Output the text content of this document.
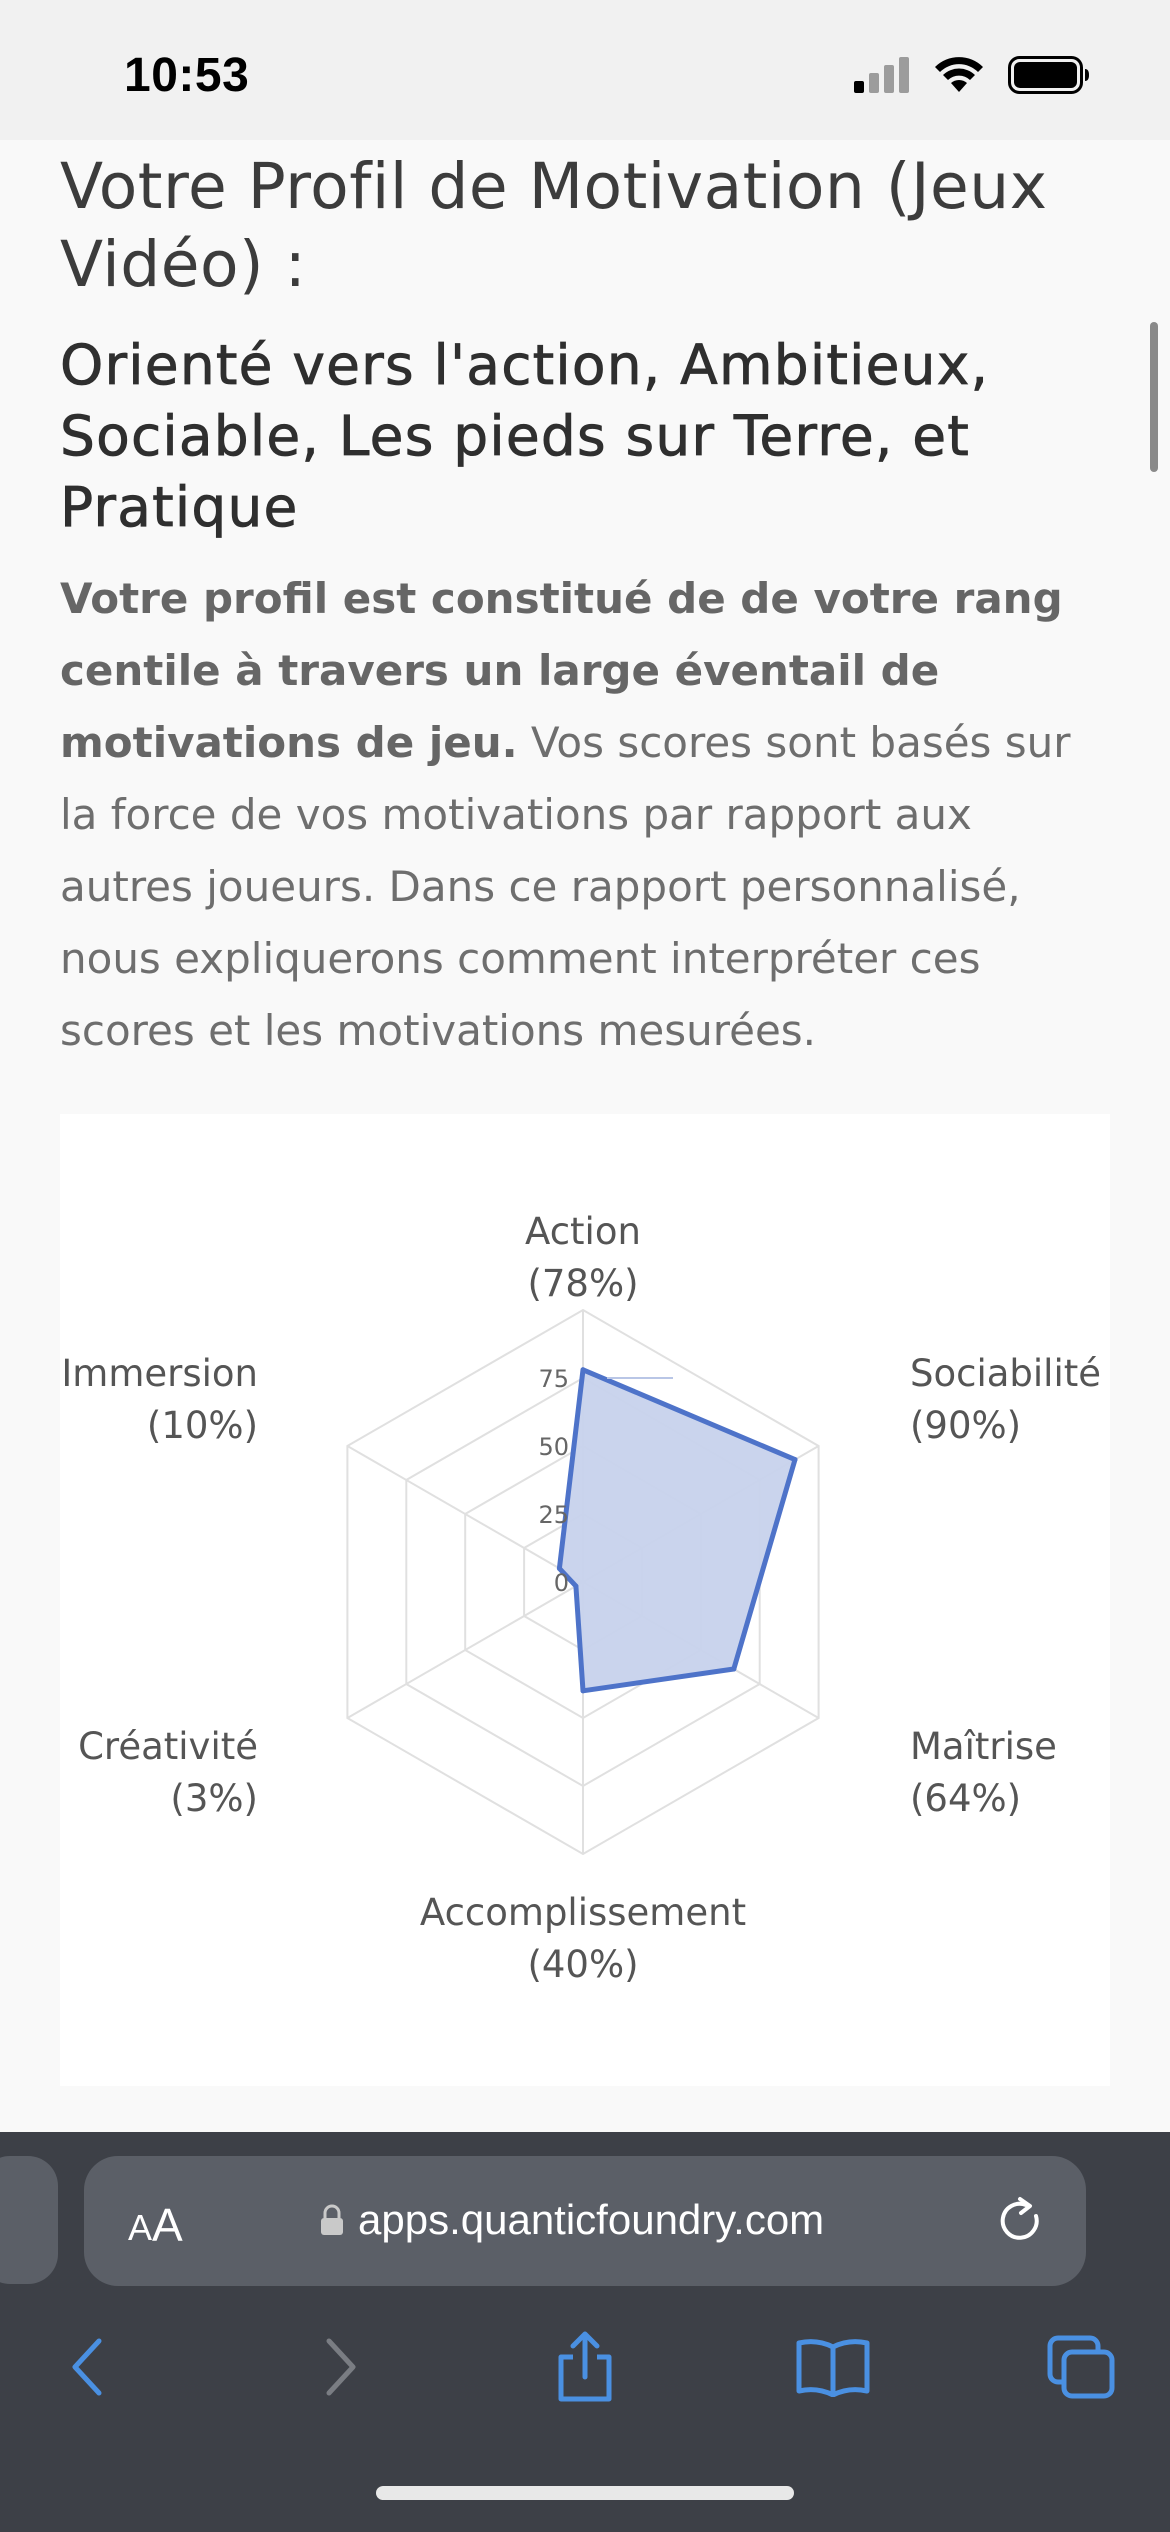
10:53
Votre Profil de Motivation (Jeux Vidéo) :
Orienté vers l'action, Ambitieux, Sociable, Les pieds sur Terre, et Pratique

Votre profil est constitué de de votre rang centile à travers un large éventail de motivations de jeu. Vos scores sont basés sur la force de vos motivations par rapport aux autres joueurs. Dans ce rapport personnalisé, nous expliquerons comment interpréter ces scores et les motivations mesurées.

0
25
50
75
Action
(78%)
Sociabilité
(90%)
Maîtrise
(64%)
Accomplissement
(40%)
Créativité
(3%)
Immersion
(10%)
A A	apps.quanticfoundry.com
